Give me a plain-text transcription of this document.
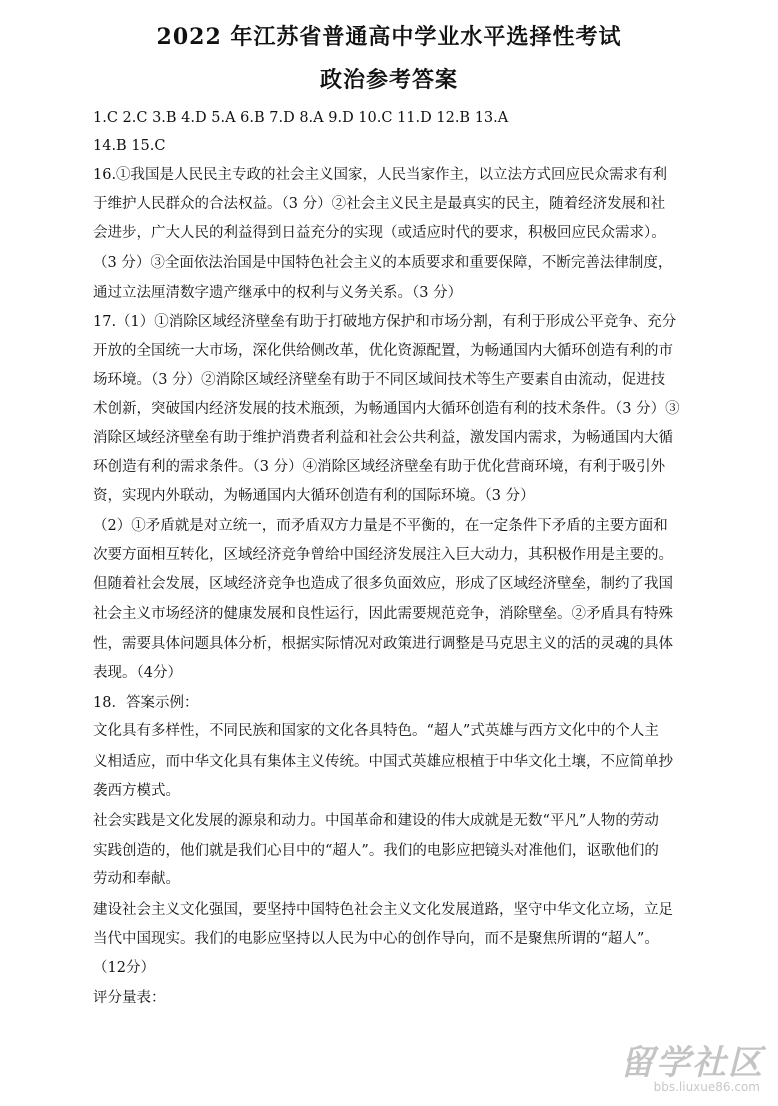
2022 年江苏省普通高中学业水平选择性考试
政治参考答案
1.C 2.C 3.B 4.D 5.A 6.B 7.D 8.A 9.D 10.C 11.D 12.B 13.A
14.B 15.C
16.①我国是人民民主专政的社会主义国家，人民当家作主，以立法方式回应民众需求有利
于维护人民群众的合法权益。（3 分）②社会主义民主是最真实的民主，随着经济发展和社
会进步，广大人民的利益得到日益充分的实现（或适应时代的要求，积极回应民众需求）。
（3 分）③全面依法治国是中国特色社会主义的本质要求和重要保障，不断完善法律制度，
通过立法厘清数字遗产继承中的权利与义务关系。（3 分）
17.（1）①消除区域经济壁垒有助于打破地方保护和市场分割，有利于形成公平竞争、充分
开放的全国统一大市场，深化供给侧改革，优化资源配置，为畅通国内大循环创造有利的市
场环境。（3 分）②消除区域经济壁垒有助于不同区域间技术等生产要素自由流动，促进技
术创新，突破国内经济发展的技术瓶颈，为畅通国内大循环创造有利的技术条件。（3 分）③
消除区域经济壁垒有助于维护消费者利益和社会公共利益，激发国内需求，为畅通国内大循
环创造有利的需求条件。（3 分）④消除区域经济壁垒有助于优化营商环境，有利于吸引外
资，实现内外联动，为畅通国内大循环创造有利的国际环境。（3 分）
（2）①矛盾就是对立统一，而矛盾双方力量是不平衡的，在一定条件下矛盾的主要方面和
次要方面相互转化，区域经济竞争曾给中国经济发展注入巨大动力，其积极作用是主要的。
但随着社会发展，区域经济竞争也造成了很多负面效应，形成了区域经济壁垒，制约了我国
社会主义市场经济的健康发展和良性运行，因此需要规范竞争，消除壁垒。②矛盾具有特殊
性，需要具体问题具体分析，根据实际情况对政策进行调整是马克思主义的活的灵魂的具体
表现。（4分）
18．答案示例：
文化具有多样性，不同民族和国家的文化各具特色。“超人”式英雄与西方文化中的个人主
义相适应，而中华文化具有集体主义传统。中国式英雄应根植于中华文化土壤，不应简单抄
袭西方模式。
社会实践是文化发展的源泉和动力。中国革命和建设的伟大成就是无数“平凡”人物的劳动
实践创造的，他们就是我们心目中的“超人”。我们的电影应把镜头对准他们，讴歌他们的
劳动和奉献。
建设社会主义文化强国，要坚持中国特色社会主义文化发展道路，坚守中华文化立场，立足
当代中国现实。我们的电影应坚持以人民为中心的创作导向，而不是聚焦所谓的“超人”。
（12分）
评分量表：
留学社区
bbs.liuxue86.com
